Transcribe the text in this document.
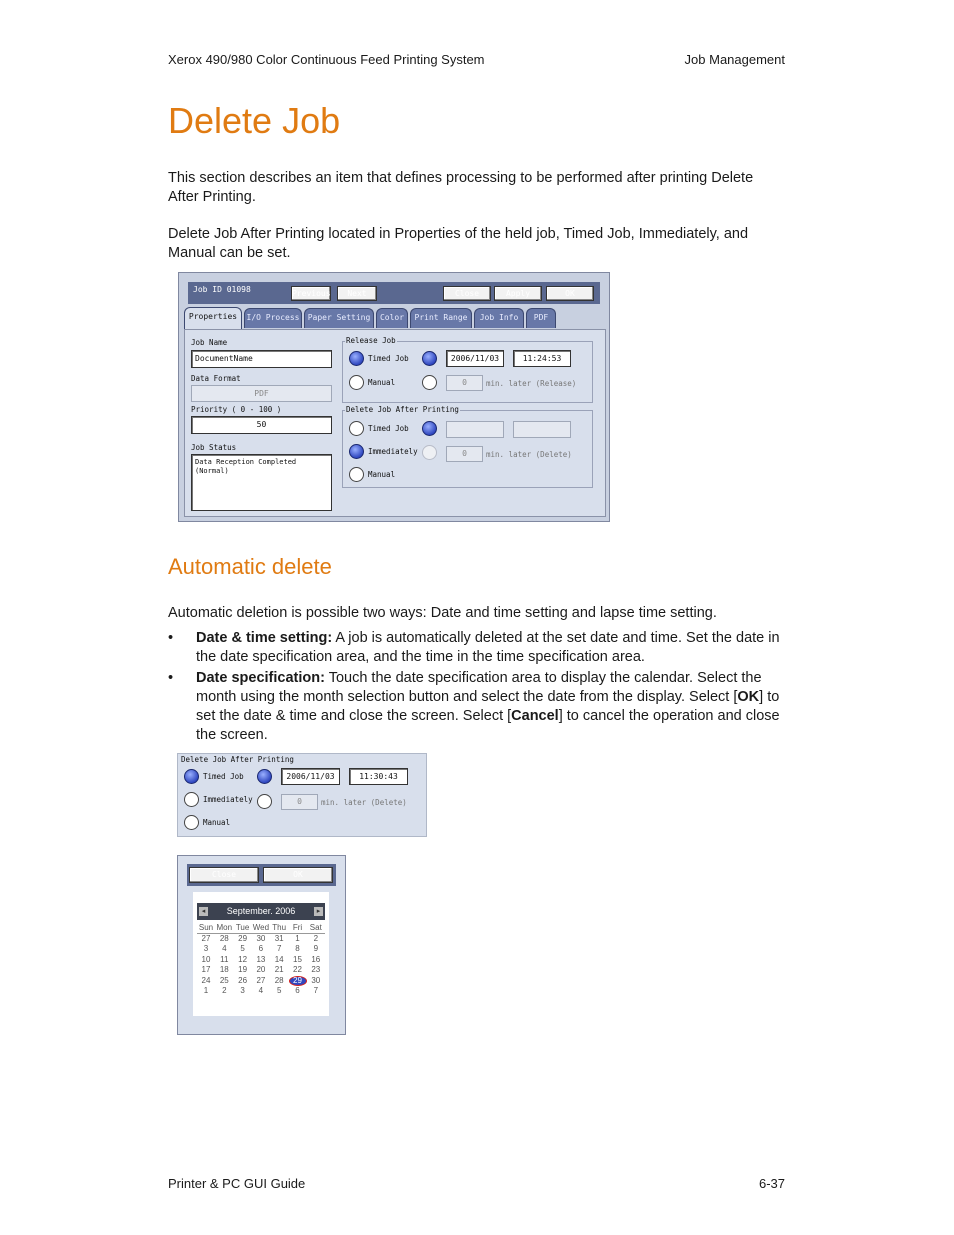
Xerox 490/980 Color Continuous Feed Printing System	Job Management
Delete Job

This section describes an item that defines processing to be performed after printing Delete After Printing.

Delete Job After Printing located in Properties of the held job, Timed Job, Immediately, and Manual can be set.

Job ID 01098	Previous	Next	Close	Apply	OK
Properties	I/O Process	Paper Setting	Color	Print Range	Job Info	PDF
Job Name
DocumentName
Data Format
PDF
Priority ( 0 - 100 )
50
Job Status
Data Reception Completed (Normal)
Release Job
Timed Job	2006/11/03	11:24:53
Manual	0	min. later (Release)
Delete Job After Printing
Timed Job
Immediately	0	min. later (Delete)
Manual
Automatic delete

Automatic deletion is possible two ways: Date and time setting and lapse time setting.

• Date & time setting: A job is automatically deleted at the set date and time. Set the date in the date specification area, and the time in the time specification area.
• Date specification: Touch the date specification area to display the calendar. Select the month using the month selection button and select the date from the display. Select [OK] to set the date & time and close the screen. Select [Cancel] to cancel the operation and close the screen.
Delete Job After Printing
Timed Job	2006/11/03	11:30:43
Immediately	0	min. later (Delete)
Manual
Close	OK
◂	September. 2006	▸
Sun Mon Tue Wed Thu Fri Sat
27	28	29	30	31	1	2
3	4	5	6	7	8	9
10	11	12	13	14	15	16
17	18	19	20	21	22	23
24	25	26	27	28	29	30
1	2	3	4	5	6	7
Printer & PC GUI Guide	6-37
